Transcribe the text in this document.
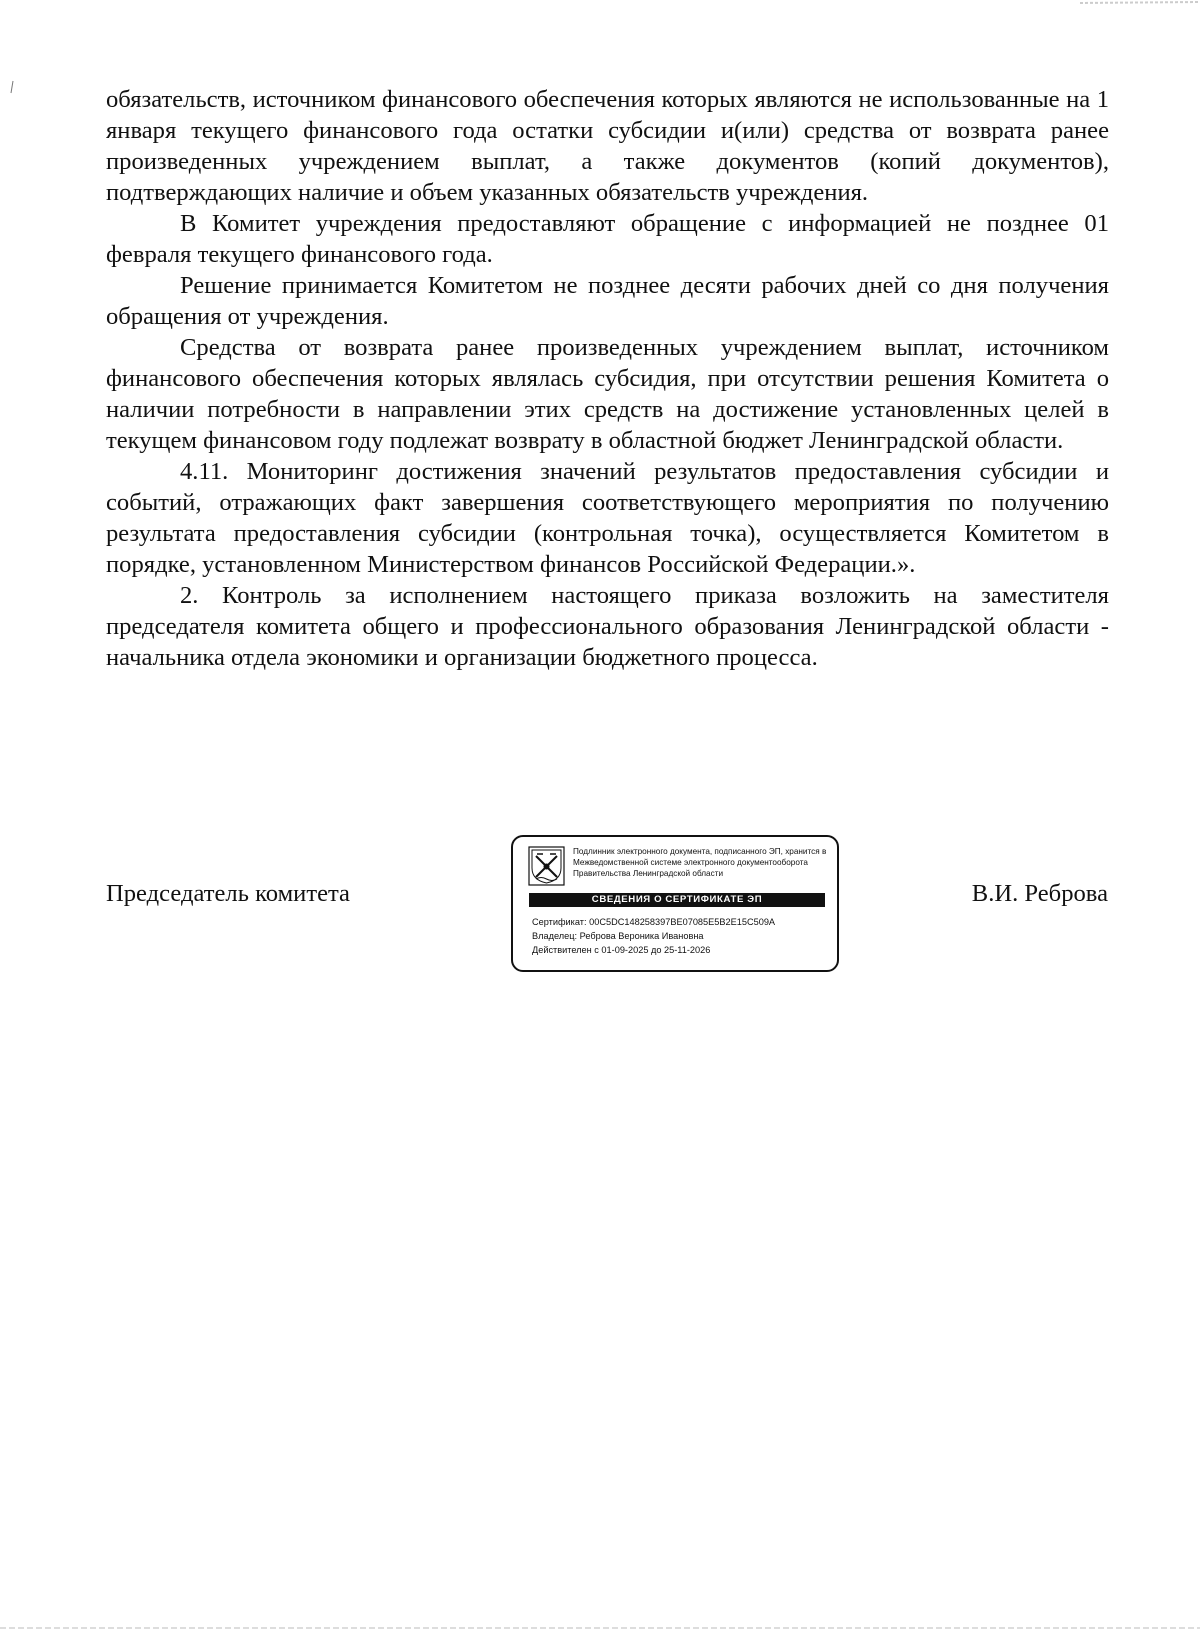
обязательств, источником финансового обеспечения которых являются не использованные на 1 января текущего финансового года остатки субсидии и(или) средства от возврата ранее произведенных учреждением выплат, а также документов (копий документов), подтверждающих наличие и объем указанных обязательств учреждения.

В Комитет учреждения предоставляют обращение с информацией не позднее 01 февраля текущего финансового года.

Решение принимается Комитетом не позднее десяти рабочих дней со дня получения обращения от учреждения.

Средства от возврата ранее произведенных учреждением выплат, источником финансового обеспечения которых являлась субсидия, при отсутствии решения Комитета о наличии потребности в направлении этих средств на достижение установленных целей в текущем финансовом году подлежат возврату в областной бюджет Ленинградской области.

4.11. Мониторинг достижения значений результатов предоставления субсидии и событий, отражающих факт завершения соответствующего мероприятия по получению результата предоставления субсидии (контрольная точка), осуществляется Комитетом в порядке, установленном Министерством финансов Российской Федерации.».

2. Контроль за исполнением настоящего приказа возложить на заместителя председателя комитета общего и профессионального образования Ленинградской области - начальника отдела экономики и организации бюджетного процесса.

Председатель комитета	В.И. Реброва
Подлинник электронного документа, подписанного ЭП, хранится в Межведомственной системе электронного документооборота Правительства Ленинградской области
СВЕДЕНИЯ О СЕРТИФИКАТЕ ЭП
Сертификат: 00C5DC148258397BE07085E5B2E15C509A
Владелец: Реброва Вероника Ивановна
Действителен с 01-09-2025 до 25-11-2026
